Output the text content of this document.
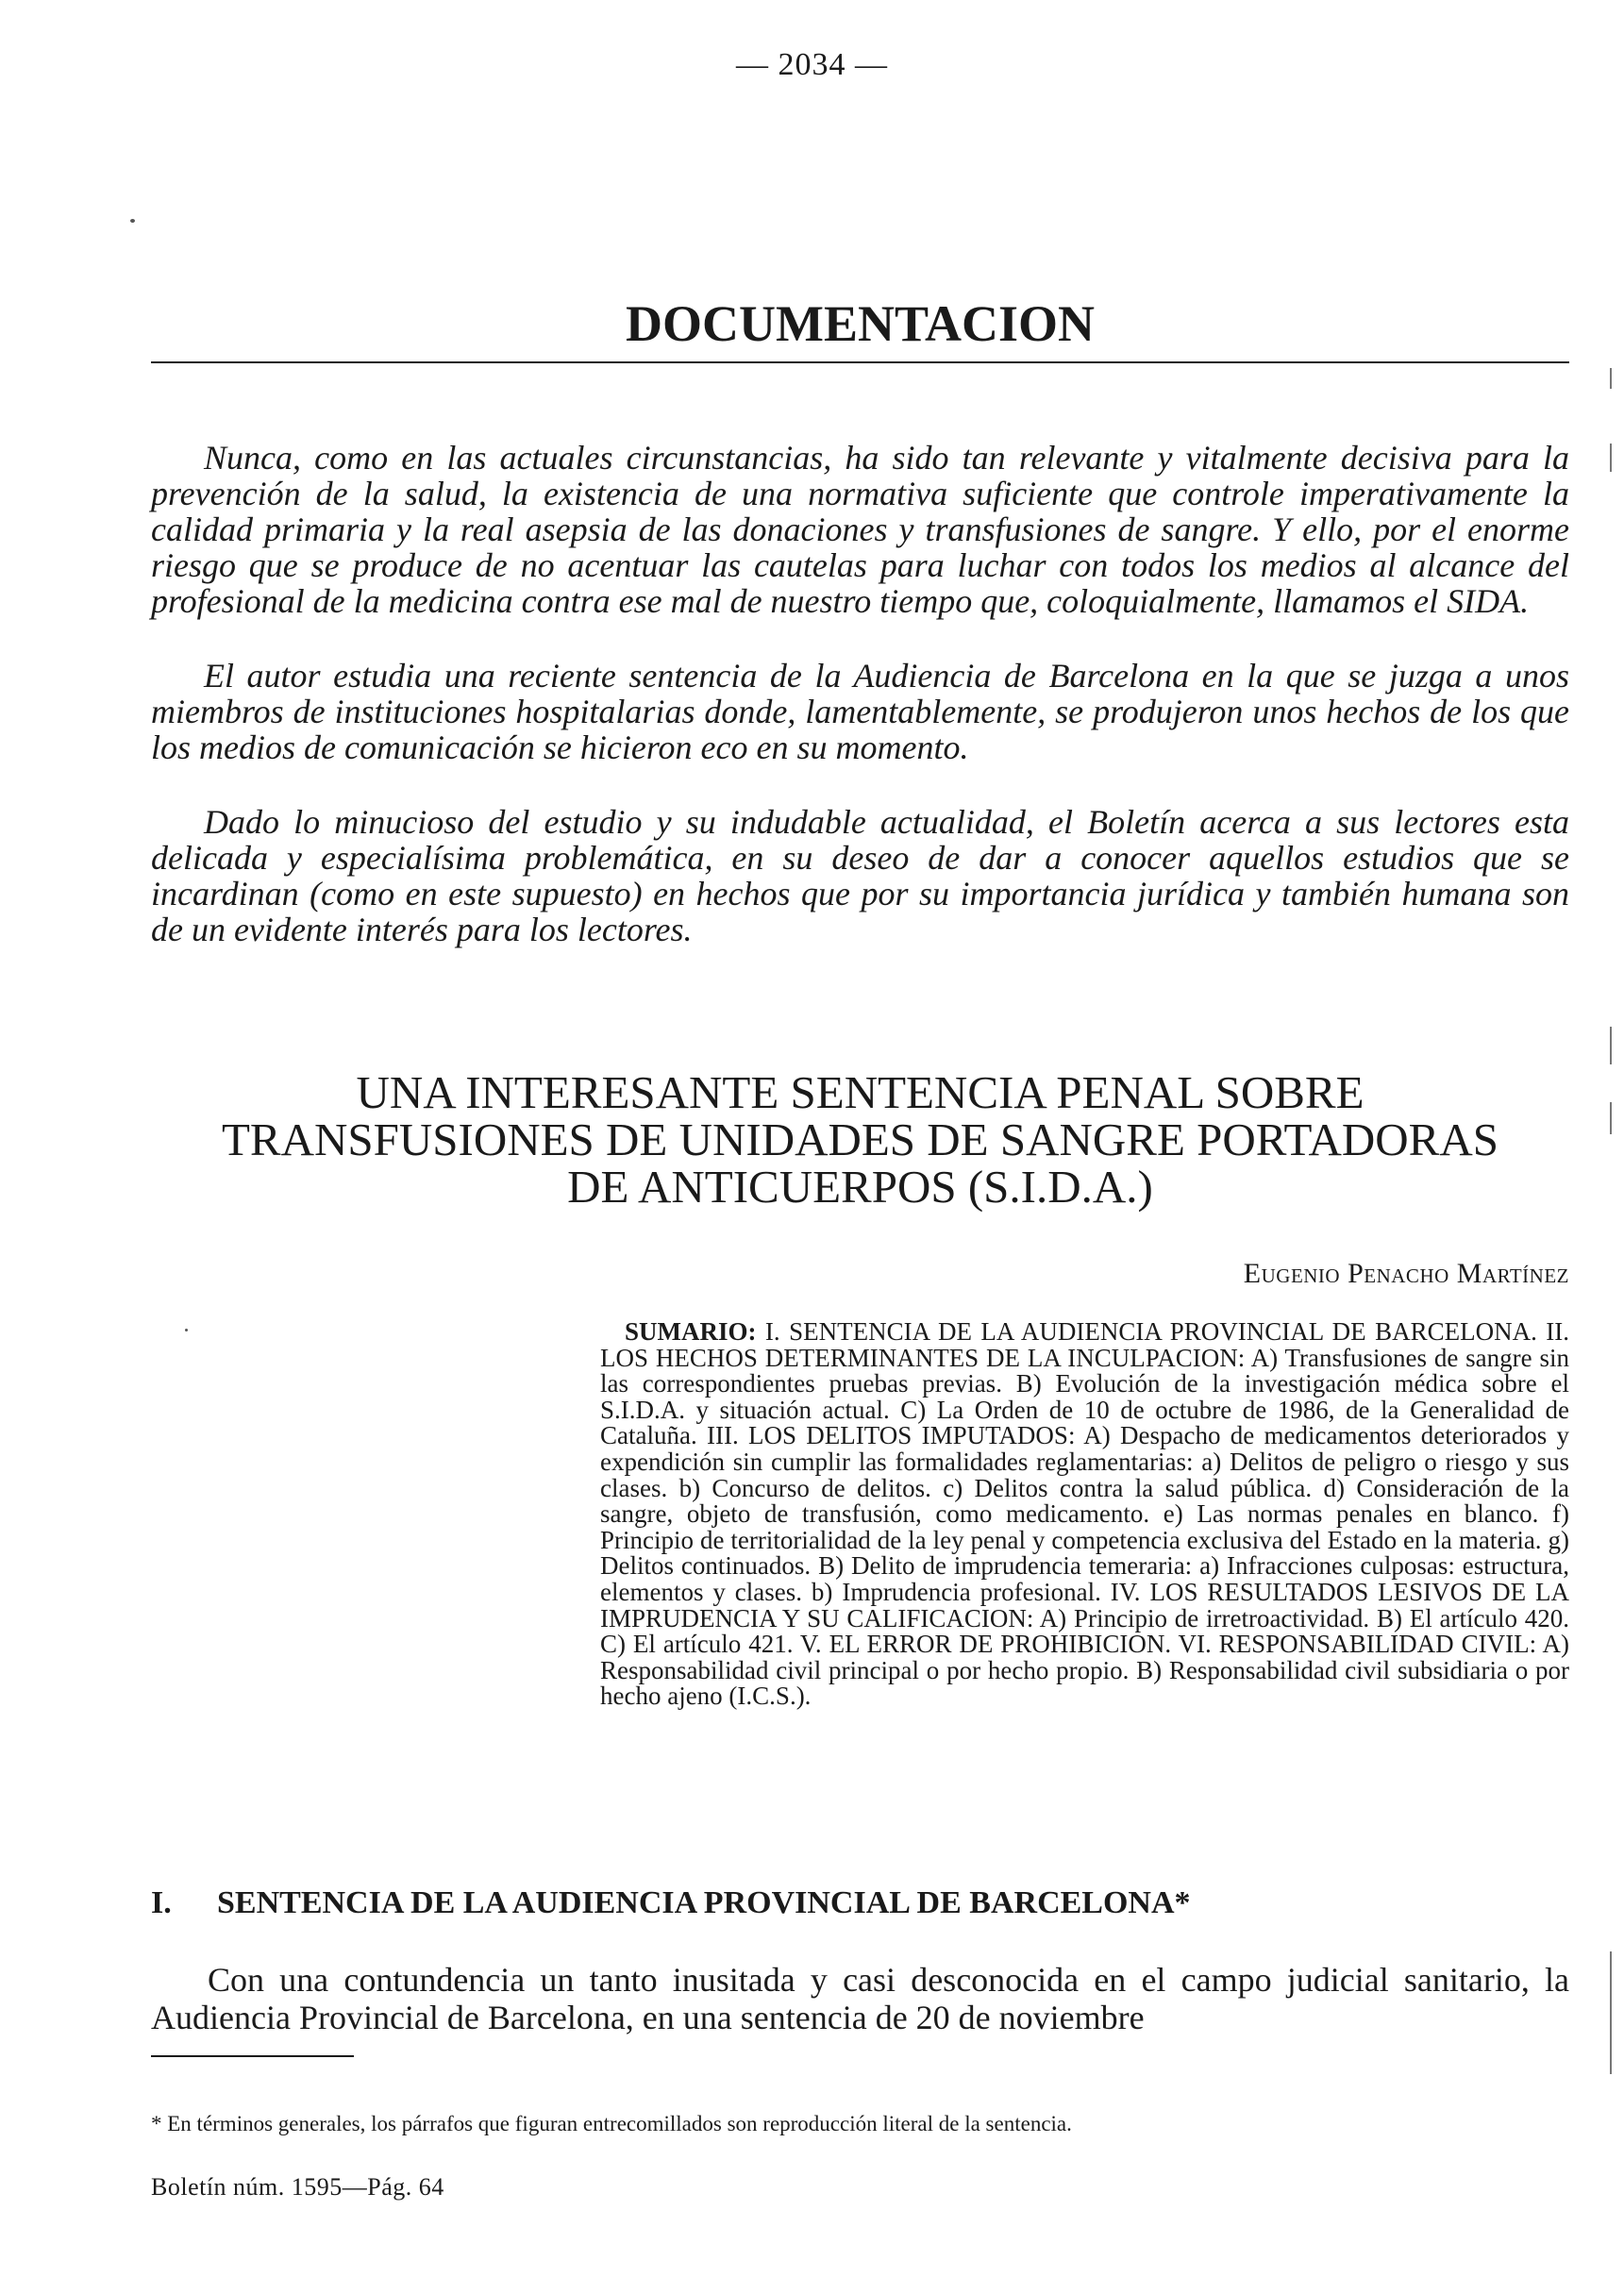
— 2034 —
DOCUMENTACION

Nunca, como en las actuales circunstancias, ha sido tan relevante y vitalmente decisiva para la prevención de la salud, la existencia de una normativa suficiente que controle imperativamente la calidad primaria y la real asepsia de las donaciones y transfusiones de sangre. Y ello, por el enorme riesgo que se produce de no acentuar las cautelas para luchar con todos los medios al alcance del profesional de la medicina contra ese mal de nuestro tiempo que, coloquialmente, llamamos el SIDA.

El autor estudia una reciente sentencia de la Audiencia de Barcelona en la que se juzga a unos miembros de instituciones hospitalarias donde, lamentablemente, se produjeron unos hechos de los que los medios de comunicación se hicieron eco en su momento.

Dado lo minucioso del estudio y su indudable actualidad, el Boletín acerca a sus lectores esta delicada y especialísima problemática, en su deseo de dar a conocer aquellos estudios que se incardinan (como en este supuesto) en hechos que por su importancia jurídica y también humana son de un evidente interés para los lectores.

UNA INTERESANTE SENTENCIA PENAL SOBRE
TRANSFUSIONES DE UNIDADES DE SANGRE PORTADORAS
DE ANTICUERPOS (S.I.D.A.)
Eugenio Penacho Martínez
SUMARIO: I. SENTENCIA DE LA AUDIENCIA PROVINCIAL DE BARCELONA. II. LOS HECHOS DETERMINANTES DE LA INCULPACION: A) Transfusiones de sangre sin las correspondientes pruebas previas. B) Evolución de la investigación médica sobre el S.I.D.A. y situación actual. C) La Orden de 10 de octubre de 1986, de la Generalidad de Cataluña. III. LOS DELITOS IMPUTADOS: A) Despacho de medicamentos deteriorados y expendición sin cumplir las formalidades reglamentarias: a) Delitos de peligro o riesgo y sus clases. b) Concurso de delitos. c) Delitos contra la salud pública. d) Consideración de la sangre, objeto de transfusión, como medicamento. e) Las normas penales en blanco. f) Principio de territorialidad de la ley penal y competencia exclusiva del Estado en la materia. g) Delitos continuados. B) Delito de imprudencia temeraria: a) Infracciones culposas: estructura, elementos y clases. b) Imprudencia profesional. IV. LOS RESULTADOS LESIVOS DE LA IMPRUDENCIA Y SU CALIFICACION: A) Principio de irretroactividad. B) El artículo 420. C) El artículo 421. V. EL ERROR DE PROHIBICION. VI. RESPONSABILIDAD CIVIL: A) Responsabilidad civil principal o por hecho propio. B) Responsabilidad civil subsidiaria o por hecho ajeno (I.C.S.).
I. SENTENCIA DE LA AUDIENCIA PROVINCIAL DE BARCELONA*

Con una contundencia un tanto inusitada y casi desconocida en el campo judicial sanitario, la Audiencia Provincial de Barcelona, en una sentencia de 20 de noviembre

* En términos generales, los párrafos que figuran entrecomillados son reproducción literal de la sentencia.

Boletín núm. 1595—Pág. 64
